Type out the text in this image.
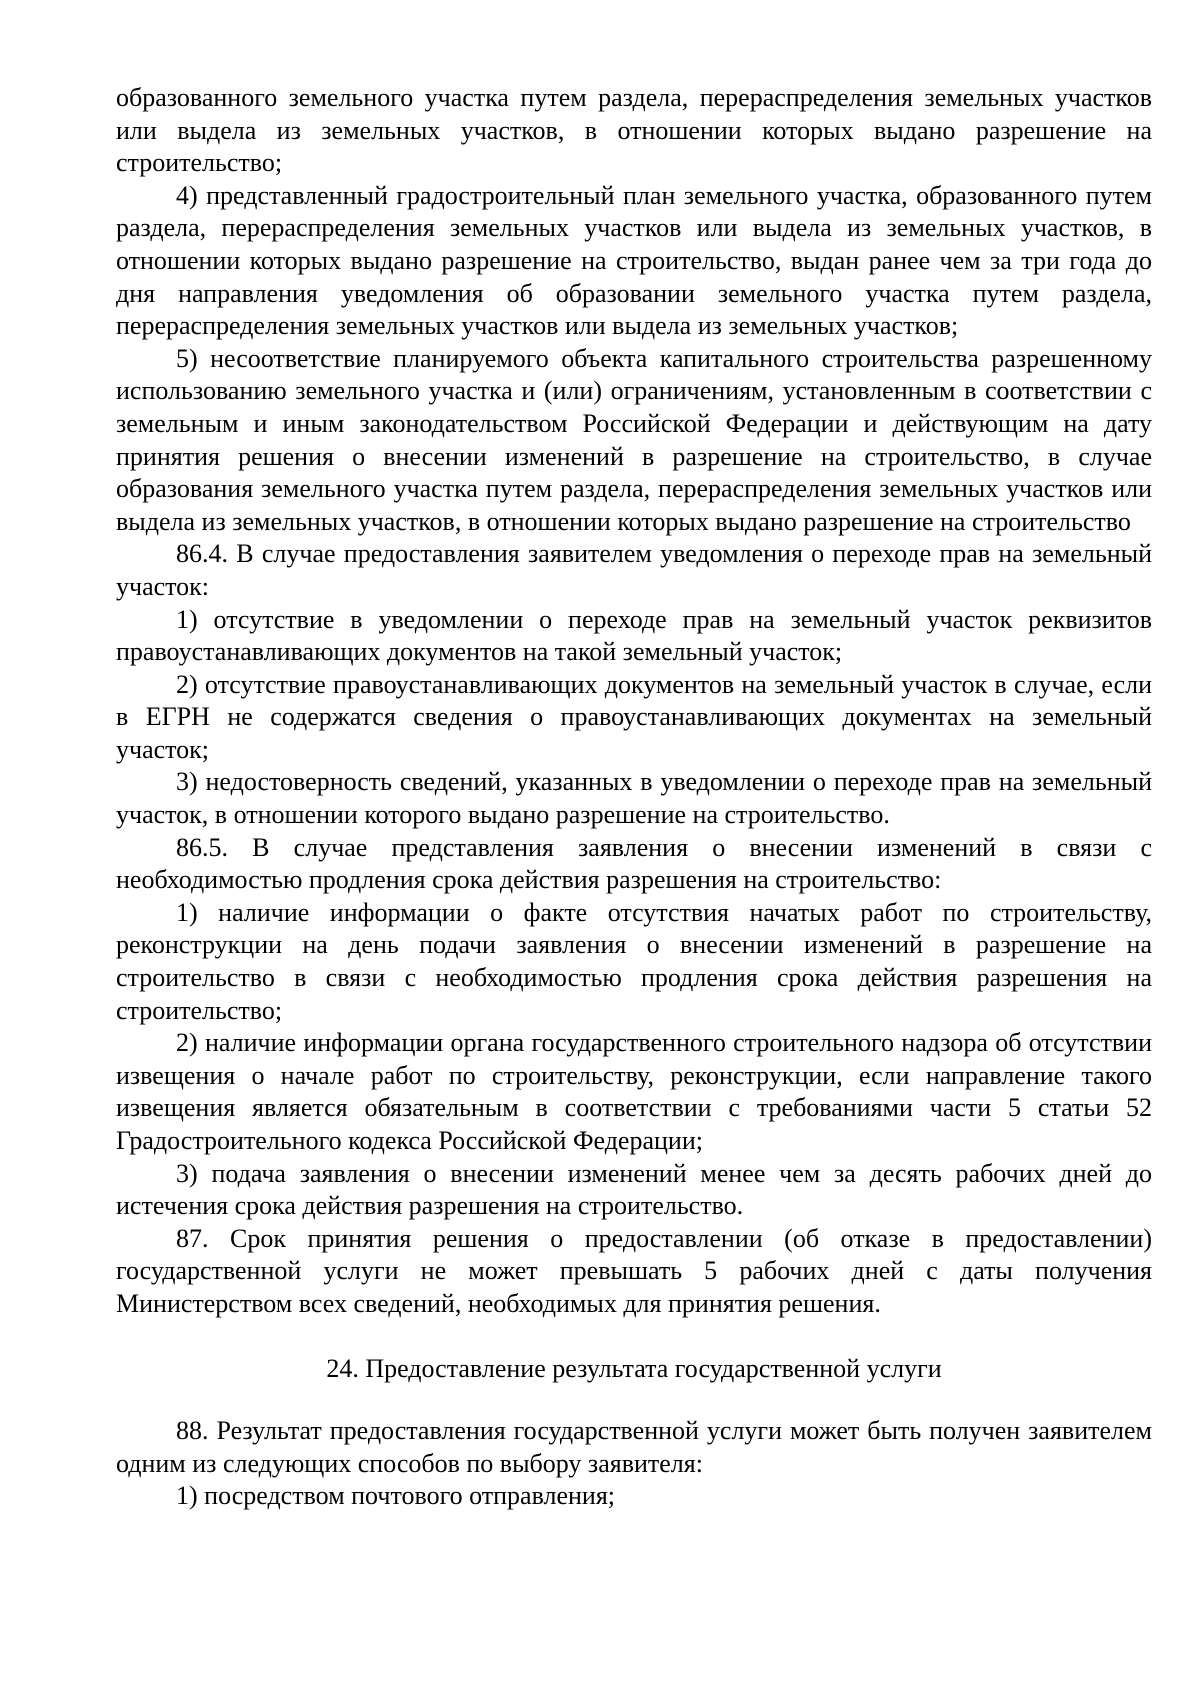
образованного земельного участка путем раздела, перераспределения земельных участков или выдела из земельных участков, в отношении которых выдано разрешение на строительство;

4) представленный градостроительный план земельного участка, образованного путем раздела, перераспределения земельных участков или выдела из земельных участков, в отношении которых выдано разрешение на строительство, выдан ранее чем за три года до дня направления уведомления об образовании земельного участка путем раздела, перераспределения земельных участков или выдела из земельных участков;

5) несоответствие планируемого объекта капитального строительства разрешенному использованию земельного участка и (или) ограничениям, установленным в соответствии с земельным и иным законодательством Российской Федерации и действующим на дату принятия решения о внесении изменений в разрешение на строительство, в случае образования земельного участка путем раздела, перераспределения земельных участков или выдела из земельных участков, в отношении которых выдано разрешение на строительство

86.4. В случае предоставления заявителем уведомления о переходе прав на земельный участок:

1) отсутствие в уведомлении о переходе прав на земельный участок реквизитов правоустанавливающих документов на такой земельный участок;

2) отсутствие правоустанавливающих документов на земельный участок в случае, если в ЕГРН не содержатся сведения о правоустанавливающих документах на земельный участок;

3) недостоверность сведений, указанных в уведомлении о переходе прав на земельный участок, в отношении которого выдано разрешение на строительство.

86.5. В случае представления заявления о внесении изменений в связи с необходимостью продления срока действия разрешения на строительство:

1) наличие информации о факте отсутствия начатых работ по строительству, реконструкции на день подачи заявления о внесении изменений в разрешение на строительство в связи с необходимостью продления срока действия разрешения на строительство;

2) наличие информации органа государственного строительного надзора об отсутствии извещения о начале работ по строительству, реконструкции, если направление такого извещения является обязательным в соответствии с требованиями части 5 статьи 52 Градостроительного кодекса Российской Федерации;

3) подача заявления о внесении изменений менее чем за десять рабочих дней до истечения срока действия разрешения на строительство.

87. Срок принятия решения о предоставлении (об отказе в предоставлении) государственной услуги не может превышать 5 рабочих дней с даты получения Министерством всех сведений, необходимых для принятия решения.

24. Предоставление результата государственной услуги

88. Результат предоставления государственной услуги может быть получен заявителем одним из следующих способов по выбору заявителя:

1) посредством почтового отправления;
